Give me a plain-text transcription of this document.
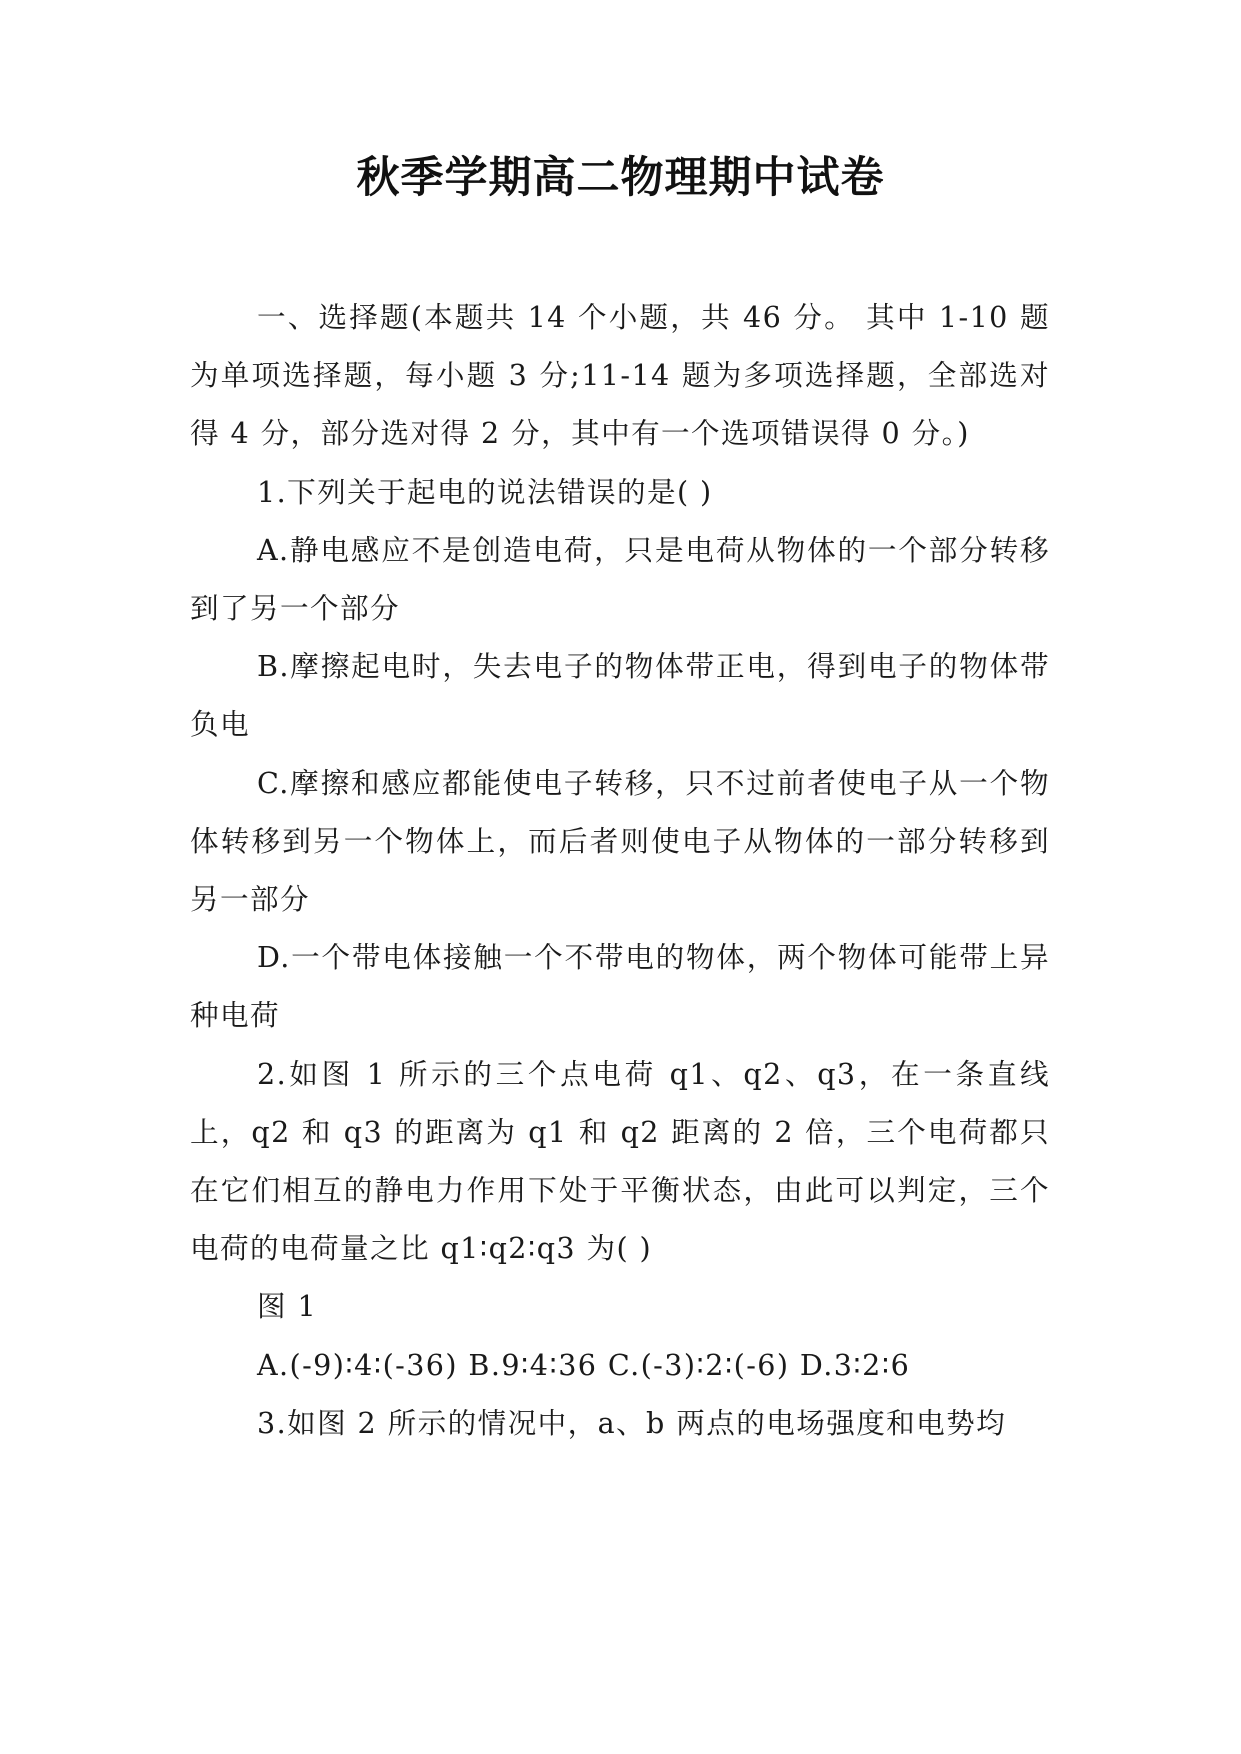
秋季学期高二物理期中试卷

一、选择题(本题共 14 个小题，共 46 分。 其中 1-10 题为单项选择题，每小题 3 分;11-14 题为多项选择题，全部选对得 4 分，部分选对得 2 分，其中有一个选项错误得 0 分。)

1.下列关于起电的说法错误的是( )

A.静电感应不是创造电荷，只是电荷从物体的一个部分转移到了另一个部分

B.摩擦起电时，失去电子的物体带正电，得到电子的物体带负电

C.摩擦和感应都能使电子转移，只不过前者使电子从一个物体转移到另一个物体上，而后者则使电子从物体的一部分转移到另一部分

D.一个带电体接触一个不带电的物体，两个物体可能带上异种电荷

2.如图 1 所示的三个点电荷 q1、q2、q3，在一条直线上，q2 和 q3 的距离为 q1 和 q2 距离的 2 倍，三个电荷都只在它们相互的静电力作用下处于平衡状态，由此可以判定，三个电荷的电荷量之比 q1∶q2∶q3 为( )

图 1

A.(-9)∶4∶(-36) B.9∶4∶36 C.(-3)∶2∶(-6) D.3∶2∶6

3.如图 2 所示的情况中，a、b 两点的电场强度和电势均
